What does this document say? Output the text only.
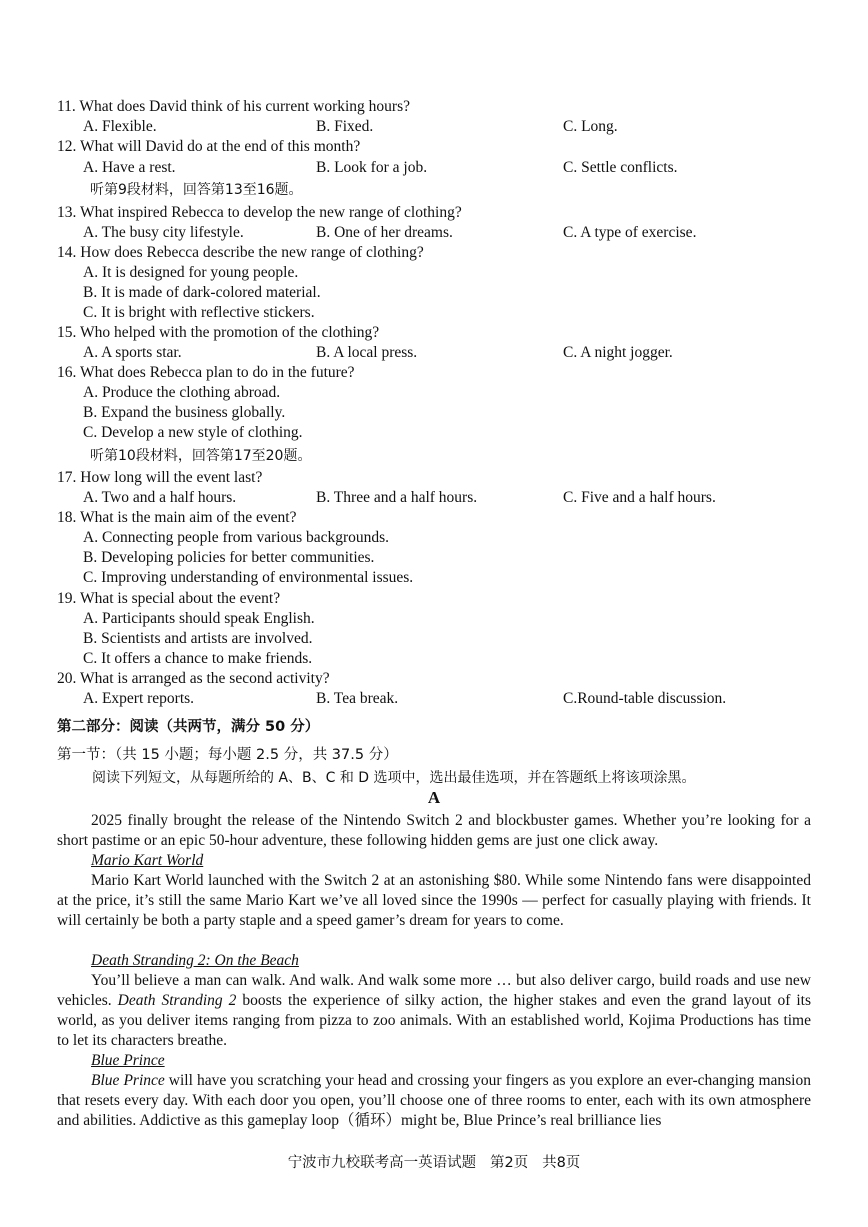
11. What does David think of his current working hours?
A. Flexible.	B. Fixed.	C. Long.
12. What will David do at the end of this month?
A. Have a rest.	B. Look for a job.	C. Settle conflicts.
听第9段材料，回答第13至16题。
13. What inspired Rebecca to develop the new range of clothing?
A. The busy city lifestyle.	B. One of her dreams.	C. A type of exercise.
14. How does Rebecca describe the new range of clothing?
A. It is designed for young people.
B. It is made of dark-colored material.
C. It is bright with reflective stickers.
15. Who helped with the promotion of the clothing?
A. A sports star.	B. A local press.	C. A night jogger.
16. What does Rebecca plan to do in the future?
A. Produce the clothing abroad.
B. Expand the business globally.
C. Develop a new style of clothing.
听第10段材料，回答第17至20题。
17. How long will the event last?
A. Two and a half hours.	B. Three and a half hours.	C. Five and a half hours.
18. What is the main aim of the event?
A. Connecting people from various backgrounds.
B. Developing policies for better communities.
C. Improving understanding of environmental issues.
19. What is special about the event?
A. Participants should speak English.
B. Scientists and artists are involved.
C. It offers a chance to make friends.
20. What is arranged as the second activity?
A. Expert reports.	B. Tea break.	C.Round-table discussion.
第二部分：阅读（共两节，满分 50 分）
第一节：（共 15 小题；每小题 2.5 分，共 37.5 分）
阅读下列短文，从每题所给的 A、B、C 和 D 选项中，选出最佳选项，并在答题纸上将该项涂黑。
A
2025 finally brought the release of the Nintendo Switch 2 and blockbuster games. Whether you’re looking for a short pastime or an epic 50-hour adventure, these following hidden gems are just one click away.
Mario Kart World
Mario Kart World launched with the Switch 2 at an astonishing $80. While some Nintendo fans were disappointed at the price, it’s still the same Mario Kart we’ve all loved since the 1990s — perfect for casually playing with friends. It will certainly be both a party staple and a speed gamer’s dream for years to come.
Death Stranding 2: On the Beach
You’ll believe a man can walk. And walk. And walk some more … but also deliver cargo, build roads and use new vehicles. Death Stranding 2 boosts the experience of silky action, the higher stakes and even the grand layout of its world, as you deliver items ranging from pizza to zoo animals. With an established world, Kojima Productions has time to let its characters breathe.
Blue Prince
Blue Prince will have you scratching your head and crossing your fingers as you explore an ever-changing mansion that resets every day. With each door you open, you’ll choose one of three rooms to enter, each with its own atmosphere and abilities. Addictive as this gameplay loop（循环）might be, Blue Prince’s real brilliance lies
宁波市九校联考高一英语试题   第2页   共8页
